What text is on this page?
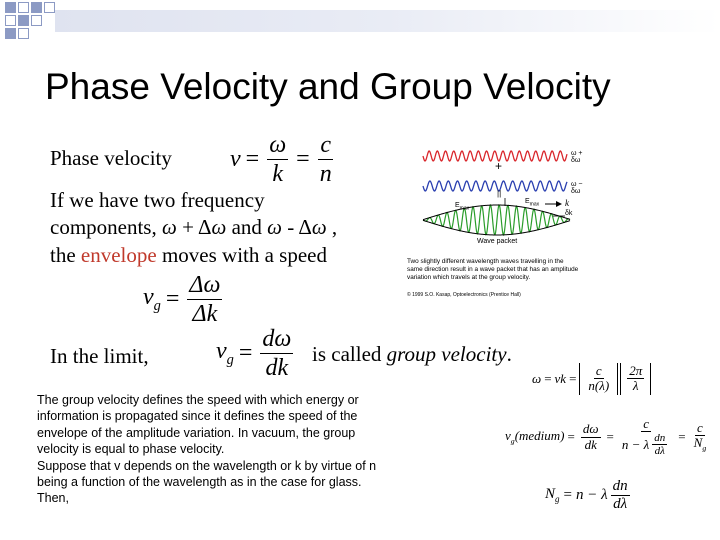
Phase Velocity and Group Velocity
Phase velocity $v = \frac{\omega}{k} = \frac{c}{n}$
If we have two frequency
components, ω + Δω and ω - Δω ,
the envelope moves with a speed
$v_g = \frac{\Delta\omega}{\Delta k}$
In the limit,	$v_g = \frac{d\omega}{dk}$ is called group velocity.
ω + δω
+
ω − δω
||
$E_{max}$
$E_{max}$	k
δk
Wave packet
Two slightly different wavelength waves travelling in the same direction result in a wave packet that has an amplitude variation which travels at the group velocity.
© 1999 S.O. Kasap, Optoelectronics (Prentice Hall)
The group velocity defines the speed with which energy or
information is propagated since it defines the speed of the
envelope of the amplitude variation. In vacuum, the group
velocity is equal to phase velocity.
Suppose that v depends on the wavelength or k by virtue of n
being a function of the wavelength as in the case for glass.
Then,
ω = vk = $\frac{c}{n(\lambda)} \frac{2\pi}{\lambda}$
$v_g(medium) = \frac{d\omega}{dk} = \frac{c}{n - \lambda \frac{dn}{d\lambda}} = \frac{c}{N_g}$
$N_g = n - \lambda \frac{dn}{d\lambda}$
